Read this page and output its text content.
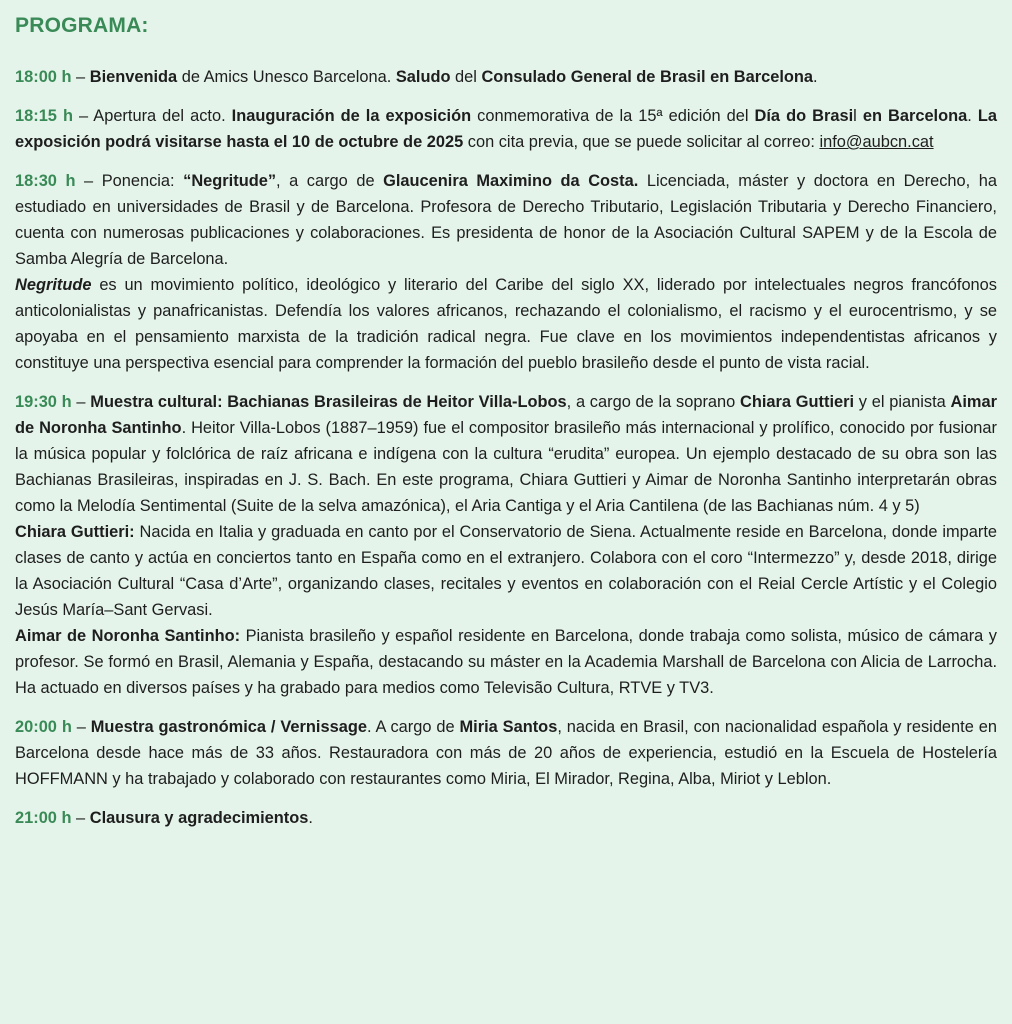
PROGRAMA:

18:00 h – Bienvenida de Amics Unesco Barcelona. Saludo del Consulado General de Brasil en Barcelona.

18:15 h – Apertura del acto. Inauguración de la exposición conmemorativa de la 15ª edición del Día do Brasil en Barcelona. La exposición podrá visitarse hasta el 10 de octubre de 2025 con cita previa, que se puede solicitar al correo: info@aubcn.cat

18:30 h – Ponencia: “Negritude”, a cargo de Glaucenira Maximino da Costa. Licenciada, máster y doctora en Derecho, ha estudiado en universidades de Brasil y de Barcelona. Profesora de Derecho Tributario, Legislación Tributaria y Derecho Financiero, cuenta con numerosas publicaciones y colaboraciones. Es presidenta de honor de la Asociación Cultural SAPEM y de la Escola de Samba Alegría de Barcelona.

Negritude es un movimiento político, ideológico y literario del Caribe del siglo XX, liderado por intelectuales negros francófonos anticolonialistas y panafricanistas. Defendía los valores africanos, rechazando el colonialismo, el racismo y el eurocentrismo, y se apoyaba en el pensamiento marxista de la tradición radical negra. Fue clave en los movimientos independentistas africanos y constituye una perspectiva esencial para comprender la formación del pueblo brasileño desde el punto de vista racial.

19:30 h – Muestra cultural: Bachianas Brasileiras de Heitor Villa-Lobos, a cargo de la soprano Chiara Guttieri y el pianista Aimar de Noronha Santinho. Heitor Villa-Lobos (1887–1959) fue el compositor brasileño más internacional y prolífico, conocido por fusionar la música popular y folclórica de raíz africana e indígena con la cultura “erudita” europea. Un ejemplo destacado de su obra son las Bachianas Brasileiras, inspiradas en J. S. Bach. En este programa, Chiara Guttieri y Aimar de Noronha Santinho interpretarán obras como la Melodía Sentimental (Suite de la selva amazónica), el Aria Cantiga y el Aria Cantilena (de las Bachianas núm. 4 y 5)

Chiara Guttieri: Nacida en Italia y graduada en canto por el Conservatorio de Siena. Actualmente reside en Barcelona, donde imparte clases de canto y actúa en conciertos tanto en España como en el extranjero. Colabora con el coro “Intermezzo” y, desde 2018, dirige la Asociación Cultural “Casa d’Arte”, organizando clases, recitales y eventos en colaboración con el Reial Cercle Artístic y el Colegio Jesús María–Sant Gervasi.

Aimar de Noronha Santinho: Pianista brasileño y español residente en Barcelona, donde trabaja como solista, músico de cámara y profesor. Se formó en Brasil, Alemania y España, destacando su máster en la Academia Marshall de Barcelona con Alicia de Larrocha. Ha actuado en diversos países y ha grabado para medios como Televisão Cultura, RTVE y TV3.

20:00 h – Muestra gastronómica / Vernissage. A cargo de Miria Santos, nacida en Brasil, con nacionalidad española y residente en Barcelona desde hace más de 33 años. Restauradora con más de 20 años de experiencia, estudió en la Escuela de Hostelería HOFFMANN y ha trabajado y colaborado con restaurantes como Miria, El Mirador, Regina, Alba, Miriot y Leblon.

21:00 h – Clausura y agradecimientos.
